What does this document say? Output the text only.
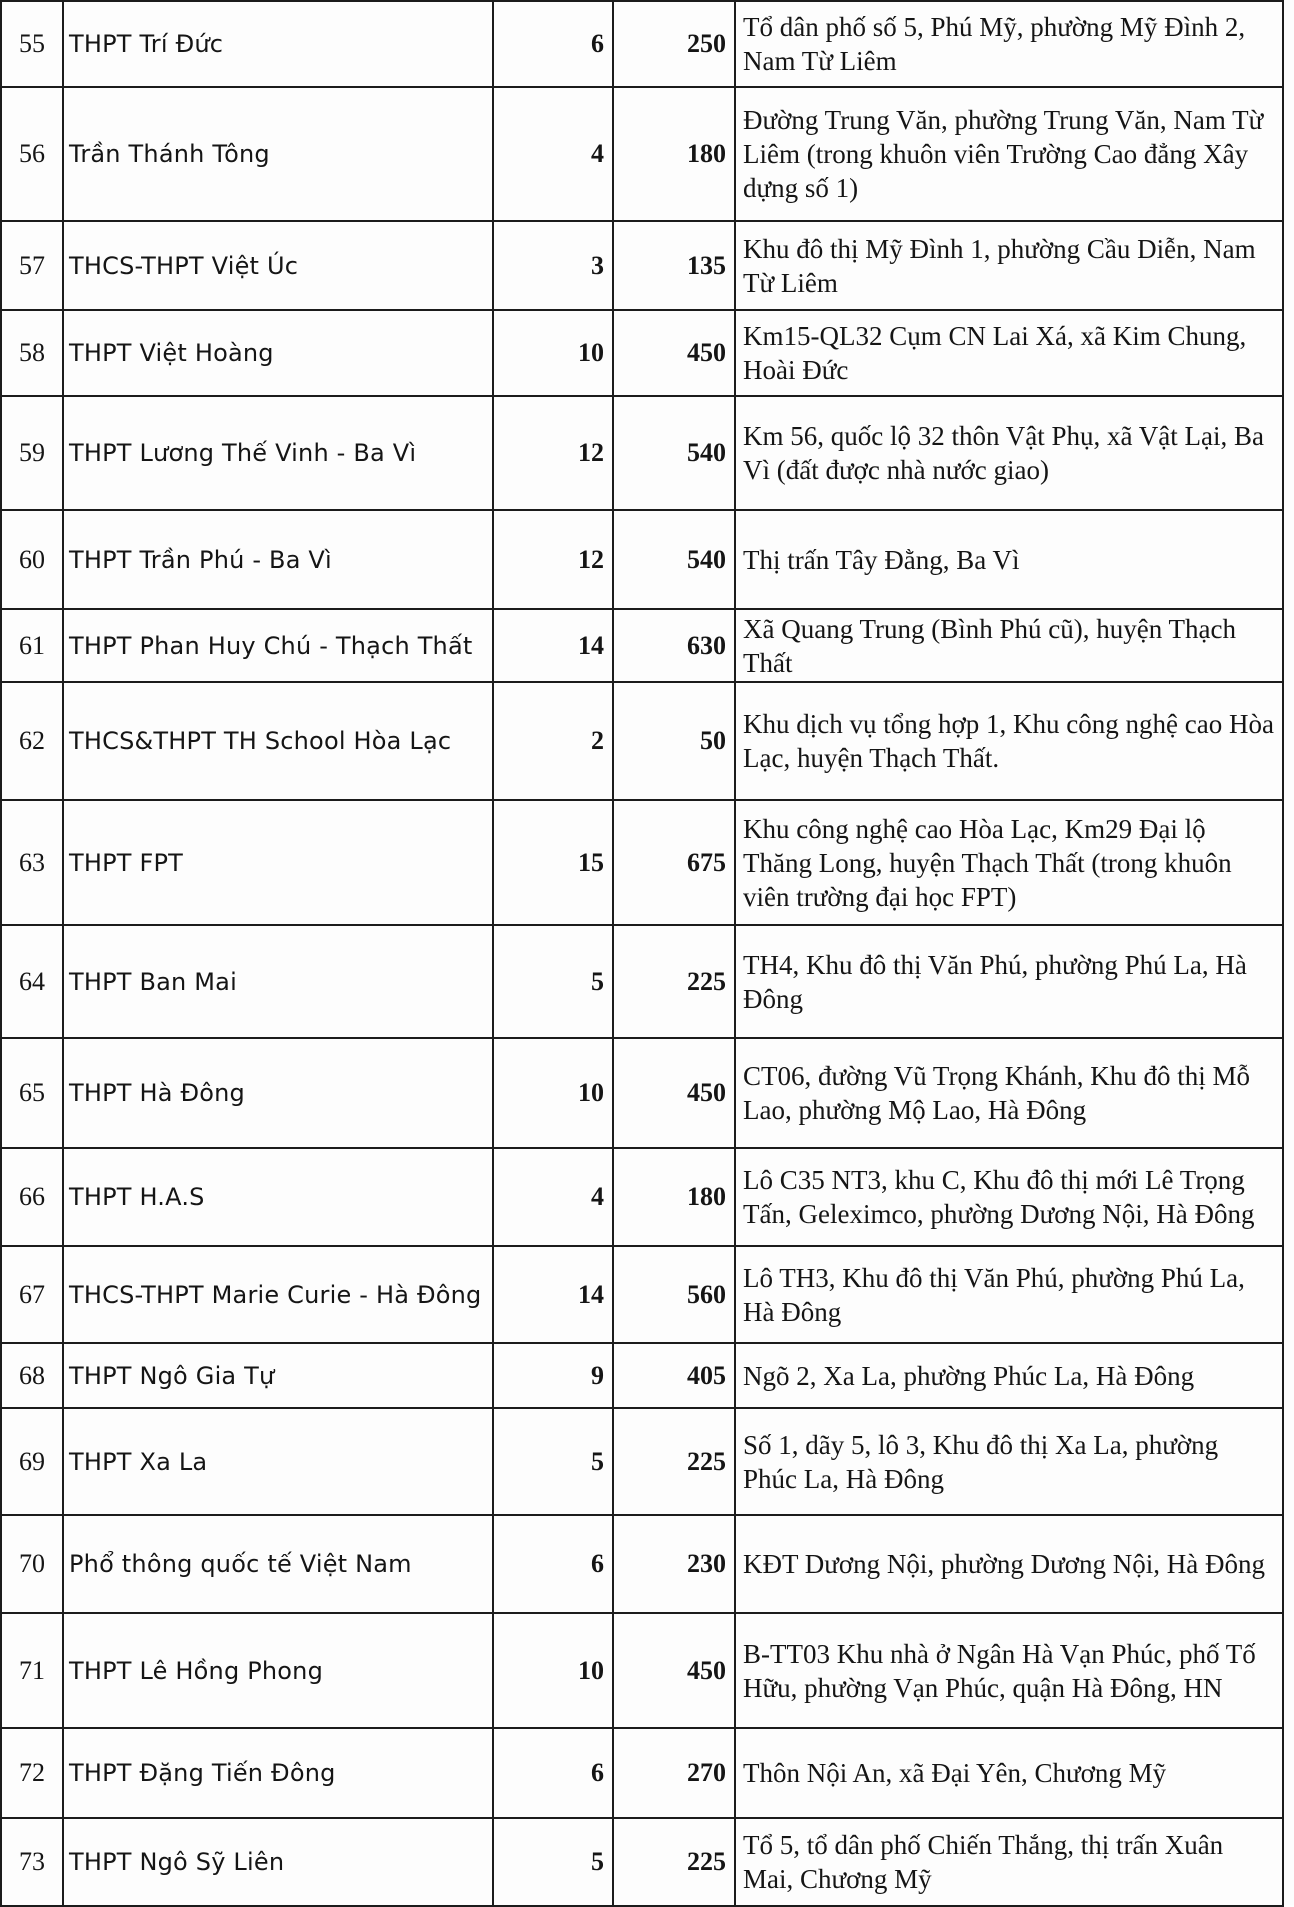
55	THPT Trí Đức	6	250	Tổ dân phố số 5, Phú Mỹ, phường Mỹ Đình 2, Nam Từ Liêm
56	Trần Thánh Tông	4	180	Đường Trung Văn, phường Trung Văn, Nam Từ Liêm (trong khuôn viên Trường Cao đẳng Xây dựng số 1)
57	THCS-THPT Việt Úc	3	135	Khu đô thị Mỹ Đình 1, phường Cầu Diễn, Nam Từ Liêm
58	THPT Việt Hoàng	10	450	Km15-QL32 Cụm CN Lai Xá, xã Kim Chung, Hoài Đức
59	THPT Lương Thế Vinh - Ba Vì	12	540	Km 56, quốc lộ 32 thôn Vật Phụ, xã Vật Lại, Ba Vì (đất được nhà nước giao)
60	THPT Trần Phú - Ba Vì	12	540	Thị trấn Tây Đằng, Ba Vì
61	THPT Phan Huy Chú - Thạch Thất	14	630	Xã Quang Trung (Bình Phú cũ), huyện Thạch Thất
62	THCS&THPT TH School Hòa Lạc	2	50	Khu dịch vụ tổng hợp 1, Khu công nghệ cao Hòa Lạc, huyện Thạch Thất.
63	THPT FPT	15	675	Khu công nghệ cao Hòa Lạc, Km29 Đại lộ Thăng Long, huyện Thạch Thất (trong khuôn viên trường đại học FPT)
64	THPT Ban Mai	5	225	TH4, Khu đô thị Văn Phú, phường Phú La, Hà Đông
65	THPT Hà Đông	10	450	CT06, đường Vũ Trọng Khánh, Khu đô thị Mỗ Lao, phường Mộ Lao, Hà Đông
66	THPT H.A.S	4	180	Lô C35 NT3, khu C, Khu đô thị mới Lê Trọng Tấn, Geleximco, phường Dương Nội, Hà Đông
67	THCS-THPT Marie Curie - Hà Đông	14	560	Lô TH3, Khu đô thị Văn Phú, phường Phú La, Hà Đông
68	THPT Ngô Gia Tự	9	405	Ngõ 2, Xa La, phường Phúc La, Hà Đông
69	THPT Xa La	5	225	Số 1, dãy 5, lô 3, Khu đô thị Xa La, phường Phúc La, Hà Đông
70	Phổ thông quốc tế Việt Nam	6	230	KĐT Dương Nội, phường Dương Nội, Hà Đông
71	THPT Lê Hồng Phong	10	450	B-TT03 Khu nhà ở Ngân Hà Vạn Phúc, phố Tố Hữu, phường Vạn Phúc, quận Hà Đông, HN
72	THPT Đặng Tiến Đông	6	270	Thôn Nội An, xã Đại Yên, Chương Mỹ
73	THPT Ngô Sỹ Liên	5	225	Tổ 5, tổ dân phố Chiến Thắng, thị trấn Xuân Mai, Chương Mỹ
